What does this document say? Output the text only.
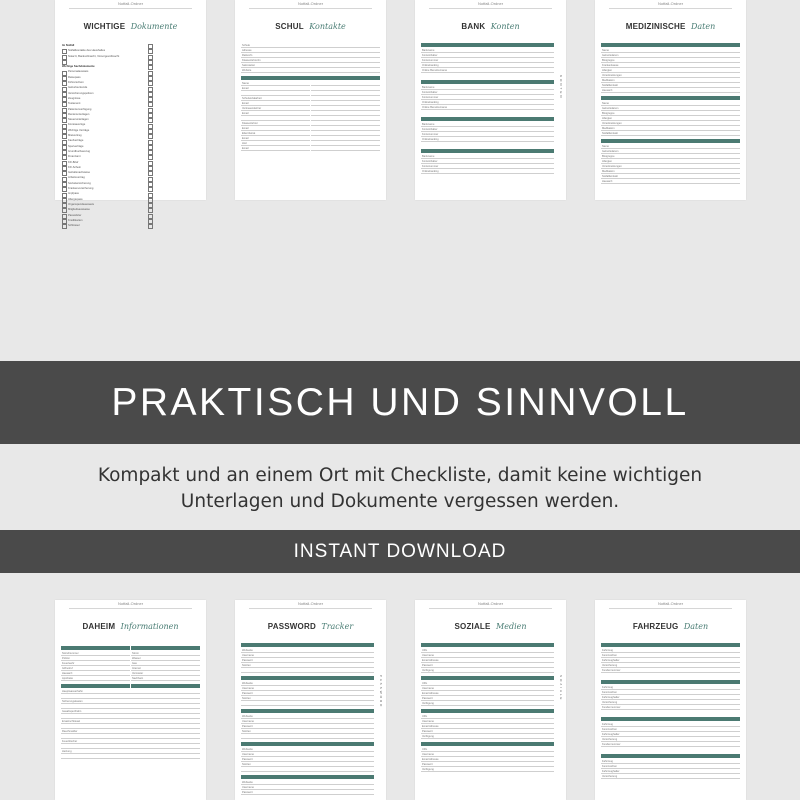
Notfall-Ordner
WICHTIGE Dokumente
Im Notfall
Notfallkontakte des Haushaltes
Notarzt, Bankvollmacht, Vorsorgevollmacht
Wichtige Sachdokumente
Personalausweis
Reisepass
Führerschein
Geburtsurkunde
Versicherungspolicen
Zeugnisse
Testament
Patientenverfügung
Rentenunterlagen
Steuerunterlagen
Kontoauszüge
Wichtige Verträge
Mietvertrag
Kaufverträge
Sparverträge
Grundbuchauszug
Finanzamt
Kfz-Brief
Kfz-Schein
Gehaltsnachweise
Arbeitsvertrag
Sozialversicherung
Krankenversicherung
Impfpass
Allergiepass
Organspendeausweis
Mitgliedsausweise
Passwörter
Kreditkarten
Schlüssel
Notfall-Ordner
SCHUL Kontakte
Schule
Adresse
Rektor/in
Klassenlehrer/in
Sekretariat
Website
Name
Email
Schulsozialarbeit
Email
Vertrauenslehrer
Email
Klassenlehrer
Email
Elternbeirat
Email
Hort
Email
Notfall-Ordner
BANK Konten
Bankname
Kontoinhaber
Kontonummer
Onlinebanking
Online Benutzername
Bankname
Kontoinhaber
Kontonummer
Onlinebanking
Online Benutzername
Bankname
Kontoinhaber
Kontonummer
Onlinebanking
Bankname
Kontoinhaber
Kontonummer
Onlinebanking
K O N T E N
Notfall-Ordner
MEDIZINISCHE Daten
Name
Geburtsdatum
Blutgruppe
Krankenkasse
Allergien
Vorerkrankungen
Medikation
Notfallkontakt
Hausarzt
Name
Geburtsdatum
Blutgruppe
Allergien
Vorerkrankungen
Medikation
Notfallkontakt
Name
Geburtsdatum
Blutgruppe
Allergien
Vorerkrankungen
Medikation
Notfallkontakt
Hausarzt
PRAKTISCH UND SINNVOLL
Kompakt und an einem Ort mit Checkliste, damit keine wichtigen
Unterlagen und Dokumente vergessen werden.
INSTANT DOWNLOAD
Notfall-Ordner
DAHEIM Informationen
Notrufnummer
Polizei
Feuerwehr
Giftnotruf
Hausarzt
Apotheke
Strom
Wasser
Gas
Internet
Vermieter
Nachbarn
Hauptwasserhahn
Sicherungskasten
Gasabsperrhahn
Ersatzschlüssel
Rauchmelder
Feuerlöscher
Heizung
Notfall-Ordner
PASSWORD Tracker
Webseite
Username
Passwort
Notizen
Webseite
Username
Passwort
Notizen
Webseite
Username
Passwort
Notizen
Webseite
Username
Passwort
Notizen
Webseite
Username
Passwort
P A S S W O R D
Notfall-Ordner
SOZIALE Medien
URL
Username
Email Adresse
Passwort
Verfügung
URL
Username
Email Adresse
Passwort
Verfügung
URL
Username
Email Adresse
Passwort
Verfügung
URL
Username
Email Adresse
Passwort
Verfügung
S O Z I A L E
Notfall-Ordner
FAHRZEUG Daten
Fahrzeug
Kennzeichen
Fahrzeughalter
Versicherung
Kundennummer
Fahrzeug
Kennzeichen
Fahrzeughalter
Versicherung
Kundennummer
Fahrzeug
Kennzeichen
Fahrzeughalter
Versicherung
Kundennummer
Fahrzeug
Kennzeichen
Fahrzeughalter
Versicherung
